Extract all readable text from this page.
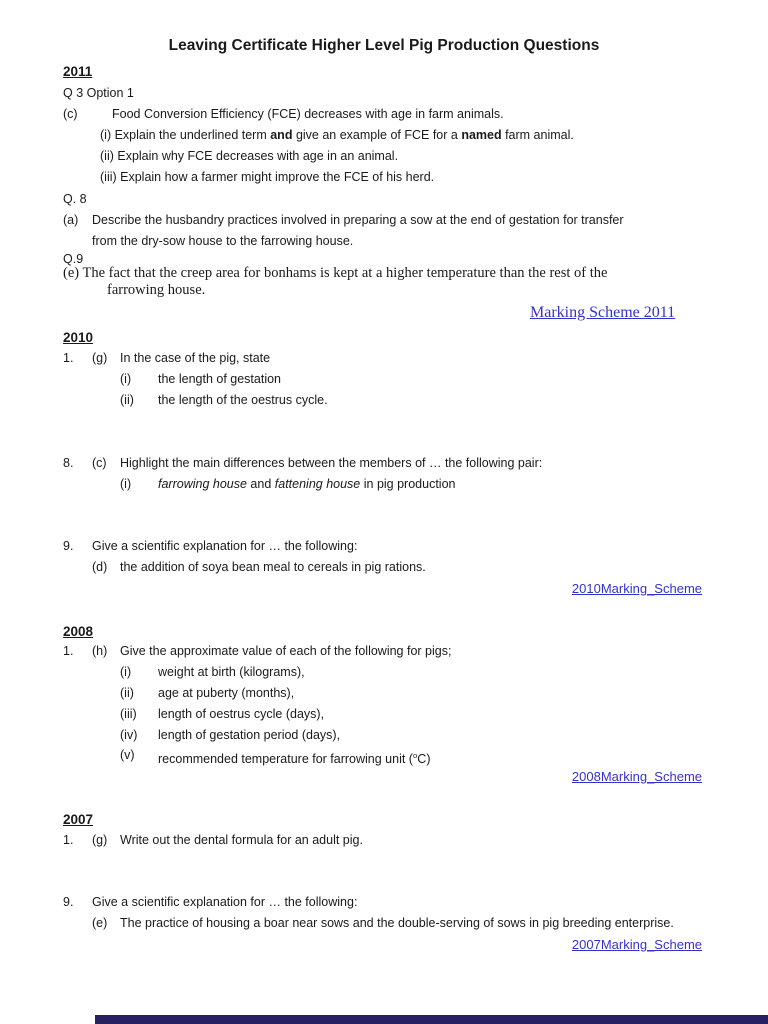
Leaving Certificate Higher Level Pig Production Questions
2011
Q 3 Option 1
(c)	Food Conversion Efficiency (FCE) decreases with age in farm animals.
(i) Explain the underlined term and give an example of FCE for a named farm animal.
(ii) Explain why FCE decreases with age in an animal.
(iii) Explain how a farmer might improve the FCE of his herd.
Q. 8
(a) Describe the husbandry practices involved in preparing a sow at the end of gestation for transfer
from the dry-sow house to the farrowing house.
Q.9
(e) The fact that the creep area for bonhams is kept at a higher temperature than the rest of the
farrowing house.
Marking Scheme 2011
2010
1. (g) In the case of the pig, state
(i) the length of gestation
(ii) the length of the oestrus cycle.
8. (c) Highlight the main differences between the members of … the following pair:
(i) farrowing house and fattening house in pig production
9. Give a scientific explanation for … the following:
(d) the addition of soya bean meal to cereals in pig rations.
2010Marking_Scheme
2008
1. (h) Give the approximate value of each of the following for pigs;
(i) weight at birth (kilograms),
(ii) age at puberty (months),
(iii) length of oestrus cycle (days),
(iv) length of gestation period (days),
(v) recommended temperature for farrowing unit ($^o$C)
2008Marking_Scheme
2007
1. (g) Write out the dental formula for an adult pig.
9. Give a scientific explanation for … the following:
(e) The practice of housing a boar near sows and the double-serving of sows in pig breeding enterprise.
2007Marking_Scheme
